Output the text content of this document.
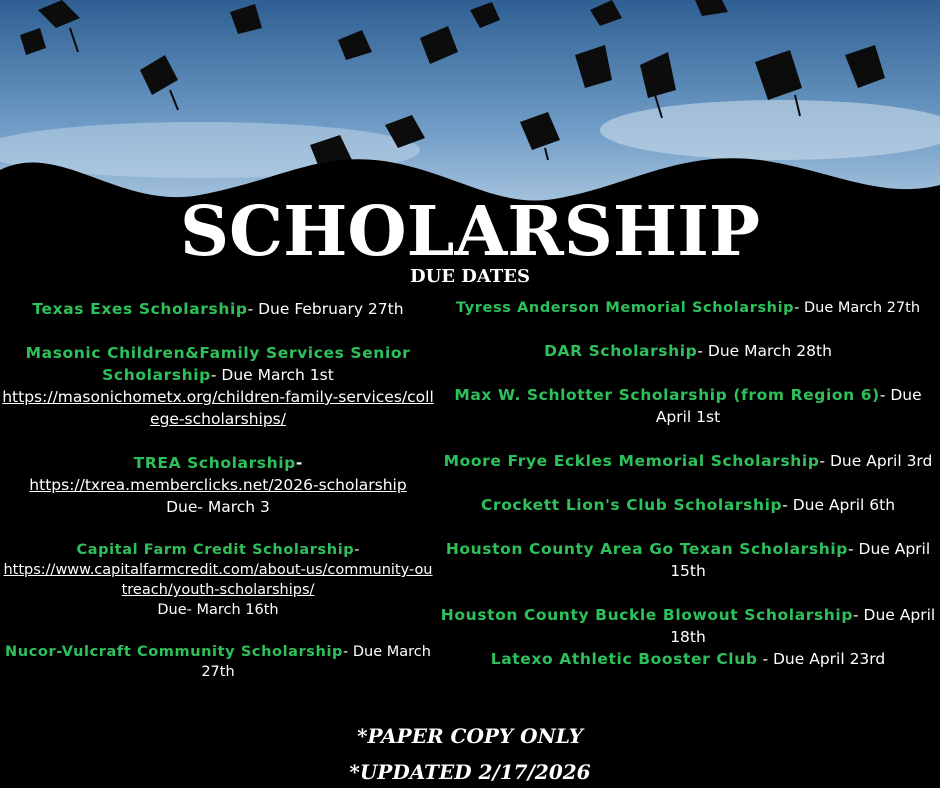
SCHOLARSHIP
DUE DATES
Texas Exes Scholarship- Due February 27th
Masonic Children&Family Services Senior Scholarship- Due March 1st
https://masonichometx.org/children-family-services/college-scholarships/
TREA Scholarship-
https://txrea.memberclicks.net/2026-scholarship
Due- March 3
Capital Farm Credit Scholarship-
https://www.capitalfarmcredit.com/about-us/community-outreach/youth-scholarships/
Due- March 16th
Nucor-Vulcraft Community Scholarship- Due March 27th
Tyress Anderson Memorial Scholarship- Due March 27th
DAR Scholarship- Due March 28th
Max W. Schlotter Scholarship (from Region 6)- Due April 1st
Moore Frye Eckles Memorial Scholarship- Due April 3rd
Crockett Lion's Club Scholarship- Due April 6th
Houston County Area Go Texan Scholarship- Due April 15th
Houston County Buckle Blowout Scholarship- Due April 18th
Latexo Athletic Booster Club - Due April 23rd
*PAPER COPY ONLY
*UPDATED 2/17/2026
